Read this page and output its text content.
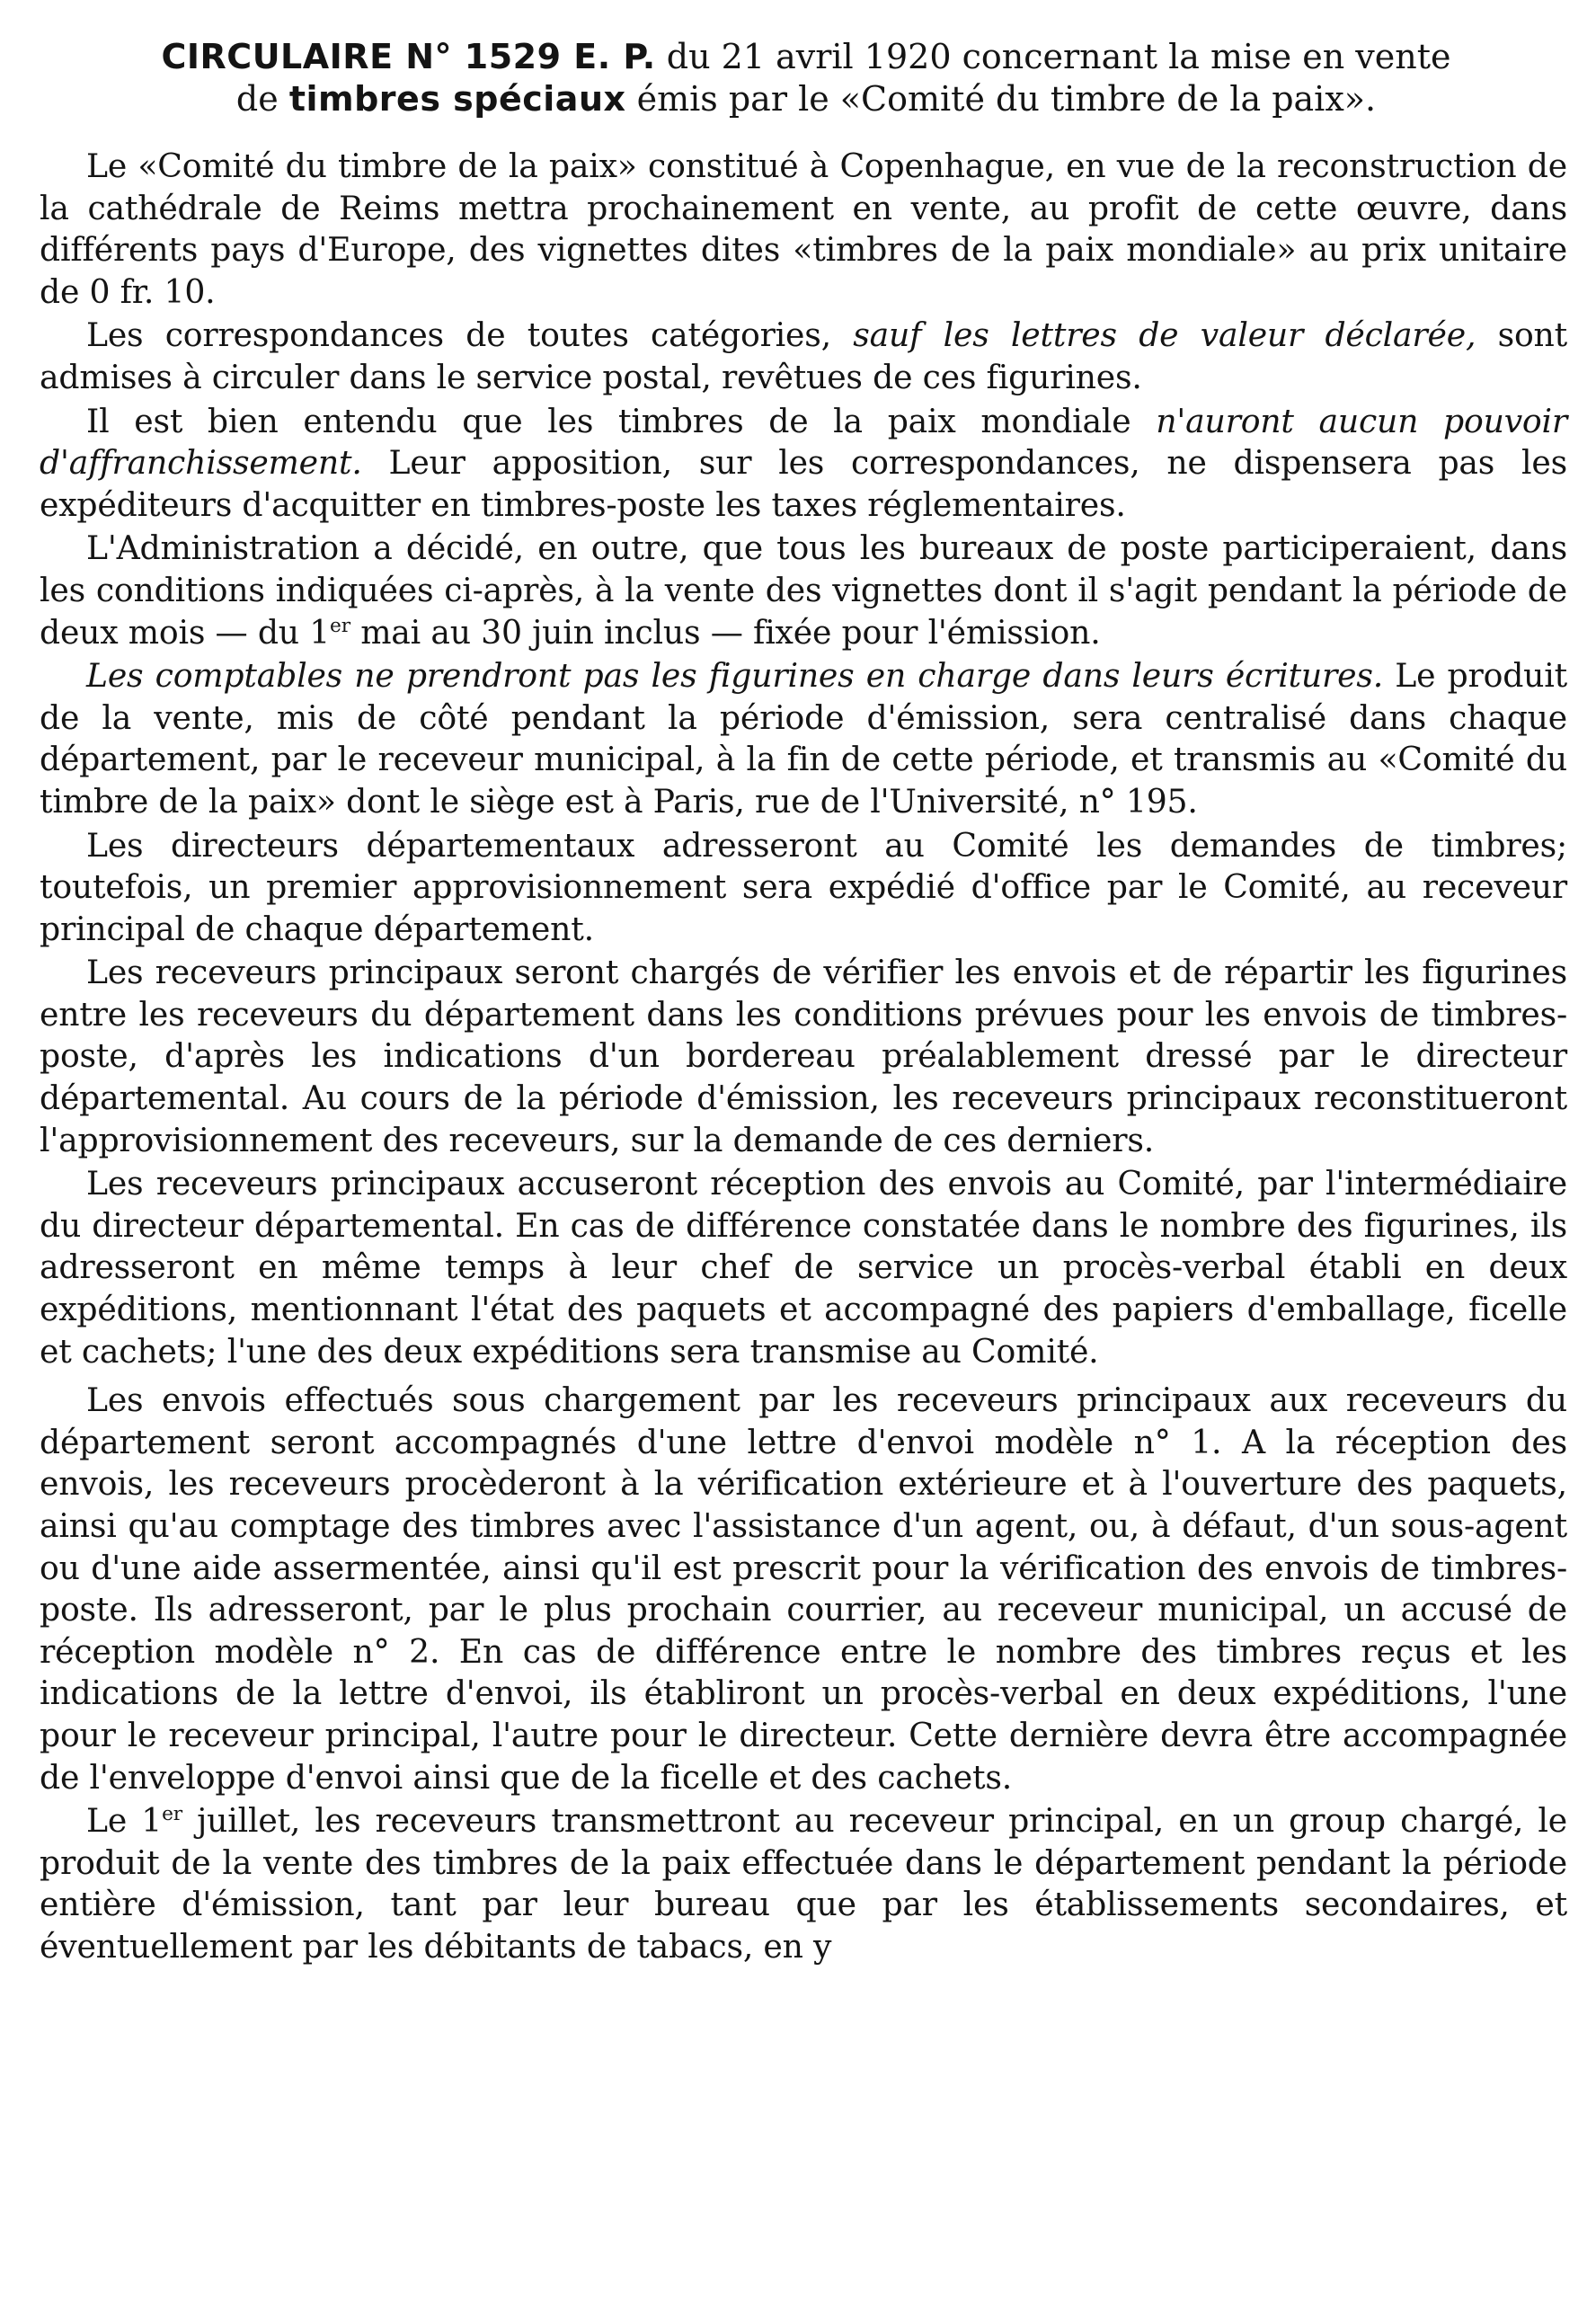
CIRCULAIRE N° 1529 E. P. du 21 avril 1920 concernant la mise en vente
de timbres spéciaux émis par le «Comité du timbre de la paix».

Le «Comité du timbre de la paix» constitué à Copenhague, en vue de la reconstruction de la cathédrale de Reims mettra prochainement en vente, au profit de cette œuvre, dans différents pays d'Europe, des vignettes dites «timbres de la paix mondiale» au prix unitaire de 0 fr. 10.

Les correspondances de toutes catégories, sauf les lettres de valeur déclarée, sont admises à circuler dans le service postal, revêtues de ces figurines.

Il est bien entendu que les timbres de la paix mondiale n'auront aucun pouvoir d'affranchissement. Leur apposition, sur les correspondances, ne dispensera pas les expéditeurs d'acquitter en timbres-poste les taxes réglementaires.

L'Administration a décidé, en outre, que tous les bureaux de poste participeraient, dans les conditions indiquées ci-après, à la vente des vignettes dont il s'agit pendant la période de deux mois — du 1er mai au 30 juin inclus — fixée pour l'émission.

Les comptables ne prendront pas les figurines en charge dans leurs écritures. Le produit de la vente, mis de côté pendant la période d'émission, sera centralisé dans chaque département, par le receveur municipal, à la fin de cette période, et transmis au «Comité du timbre de la paix» dont le siège est à Paris, rue de l'Université, n° 195.

Les directeurs départementaux adresseront au Comité les demandes de timbres; toutefois, un premier approvisionnement sera expédié d'office par le Comité, au receveur principal de chaque département.

Les receveurs principaux seront chargés de vérifier les envois et de répartir les figurines entre les receveurs du département dans les conditions prévues pour les envois de timbres-poste, d'après les indications d'un bordereau préalablement dressé par le directeur départemental. Au cours de la période d'émission, les receveurs principaux reconstitueront l'approvisionnement des receveurs, sur la demande de ces derniers.

Les receveurs principaux accuseront réception des envois au Comité, par l'intermédiaire du directeur départemental. En cas de différence constatée dans le nombre des figurines, ils adresseront en même temps à leur chef de service un procès-verbal établi en deux expéditions, mentionnant l'état des paquets et accompagné des papiers d'emballage, ficelle et cachets; l'une des deux expéditions sera transmise au Comité.

Les envois effectués sous chargement par les receveurs principaux aux receveurs du département seront accompagnés d'une lettre d'envoi modèle n° 1. A la réception des envois, les receveurs procèderont à la vérification extérieure et à l'ouverture des paquets, ainsi qu'au comptage des timbres avec l'assistance d'un agent, ou, à défaut, d'un sous-agent ou d'une aide assermentée, ainsi qu'il est prescrit pour la vérification des envois de timbres-poste. Ils adresseront, par le plus prochain courrier, au receveur municipal, un accusé de réception modèle n° 2. En cas de différence entre le nombre des timbres reçus et les indications de la lettre d'envoi, ils établiront un procès-verbal en deux expéditions, l'une pour le receveur principal, l'autre pour le directeur. Cette dernière devra être accompagnée de l'enveloppe d'envoi ainsi que de la ficelle et des cachets.

Le 1er juillet, les receveurs transmettront au receveur principal, en un group chargé, le produit de la vente des timbres de la paix effectuée dans le département pendant la période entière d'émission, tant par leur bureau que par les établissements secondaires, et éventuellement par les débitants de tabacs, en y
